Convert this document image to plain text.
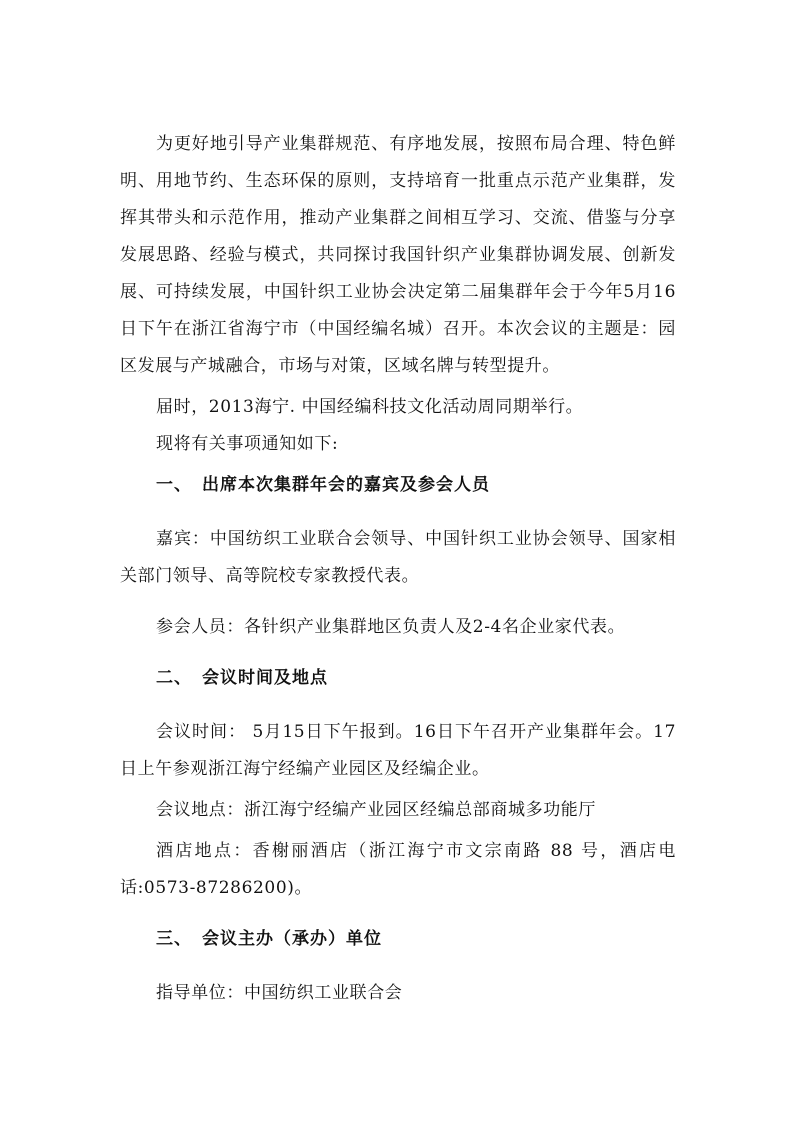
为更好地引导产业集群规范、有序地发展，按照布局合理、特色鲜明、用地节约、生态环保的原则，支持培育一批重点示范产业集群，发挥其带头和示范作用，推动产业集群之间相互学习、交流、借鉴与分享发展思路、经验与模式，共同探讨我国针织产业集群协调发展、创新发展、可持续发展，中国针织工业协会决定第二届集群年会于今年5月16日下午在浙江省海宁市（中国经编名城）召开。本次会议的主题是：园区发展与产城融合，市场与对策，区域名牌与转型提升。

届时，2013海宁. 中国经编科技文化活动周同期举行。

现将有关事项通知如下:

一、 出席本次集群年会的嘉宾及参会人员

嘉宾：中国纺织工业联合会领导、中国针织工业协会领导、国家相关部门领导、高等院校专家教授代表。

参会人员：各针织产业集群地区负责人及2-4名企业家代表。

二、 会议时间及地点

会议时间： 5月15日下午报到。16日下午召开产业集群年会。17日上午参观浙江海宁经编产业园区及经编企业。

会议地点：浙江海宁经编产业园区经编总部商城多功能厅

酒店地点：香榭丽酒店（浙江海宁市文宗南路 88 号，酒店电话:0573-87286200)。

三、 会议主办（承办）单位

指导单位：中国纺织工业联合会
